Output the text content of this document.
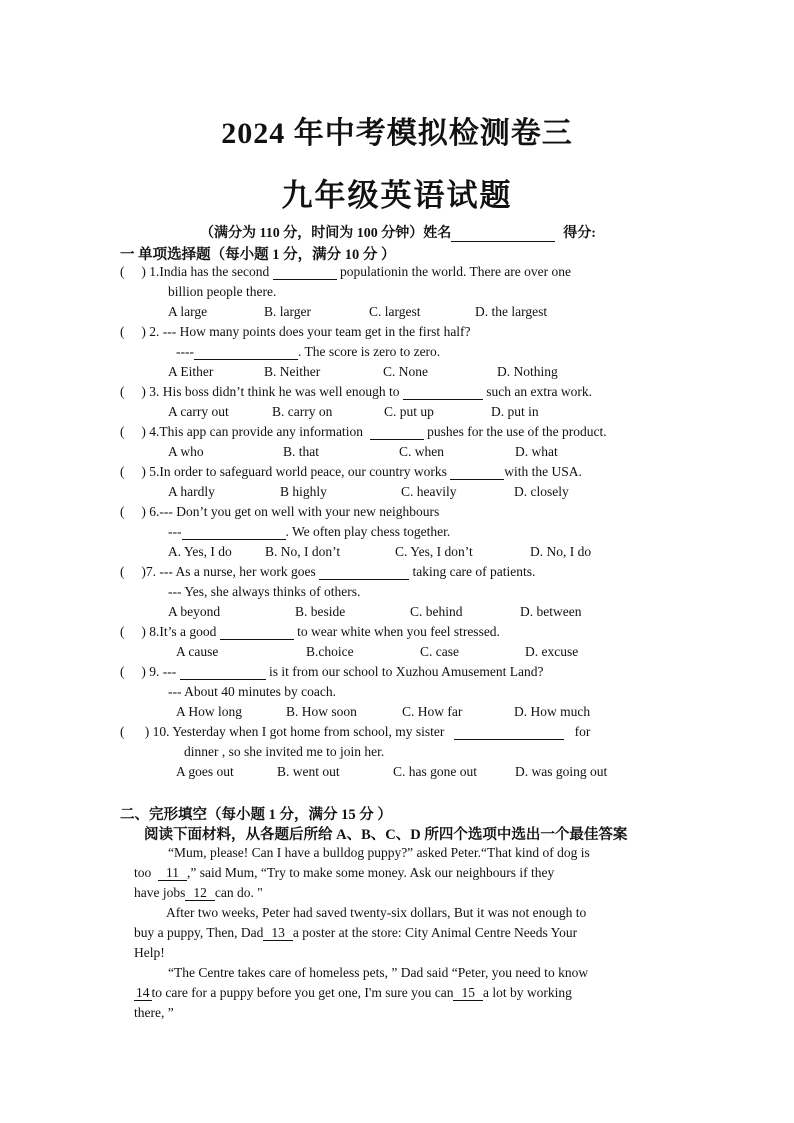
2024 年中考模拟检测卷三
九年级英语试题
（满分为 110 分，时间为 100 分钟）姓名	得分:
一 单项选择题（每小题 1 分，满分 10 分 ）
(     ) 1.India has the second	populationin the world. There are over one
billion people there.
A large	B. larger	C. largest	D. the largest
(     ) 2. --- How many points does your team get in the first half?
----	. The score is zero to zero.
A Either	B. Neither	C. None	D. Nothing
(     ) 3. His boss didn’t think he was well enough to	such an extra work.
A carry out	B. carry on	C. put up	D. put in
(     ) 4.This app can provide any information	pushes for the use of the product.
A who	B. that	C. when	D. what
(     ) 5.In order to safeguard world peace, our country works	with the USA.
A hardly	B highly	C. heavily	D. closely
(     ) 6.--- Don’t you get on well with your new neighbours
---	. We often play chess together.
A. Yes, I do B. No, I don’t	C. Yes, I don’t	D. No, I do
(     )7. --- As a nurse, her work goes	taking care of patients.
--- Yes, she always thinks of others.
A beyond	B. beside	C. behind	D. between
(     ) 8.It’s a good	to wear white when you feel stressed.
A cause	B.choice	C. case	D. excuse
(     ) 9. ---	is it from our school to Xuzhou Amusement Land?
--- About 40 minutes by coach.
A How long	B. How soon	C. How far	D. How much
(      ) 10. Yesterday when I got home from school, my sister	for
dinner , so she invited me to join her.
A goes out	B. went out	C. has gone out	D. was going out
二、完形填空（每小题 1 分，满分 15 分 ）
阅读下面材料，从各题后所给 A、B、C、D 所四个选项中选出一个最佳答案
“Mum, please! Can I have a bulldog puppy?” asked Peter.“That kind of dog is
too 11 ,” said Mum, “Try to make some money. Ask our neighbours if they
have jobs 12 can do. "
After two weeks, Peter had saved twenty-six dollars, But it was not enough to
buy a puppy, Then, Dad 13 a poster at the store: City Animal Centre Needs Your
Help!
“The Centre takes care of homeless pets, ” Dad said “Peter, you need to know
14 to care for a puppy before you get one, I'm sure you can 15 a lot by working
there, ”
